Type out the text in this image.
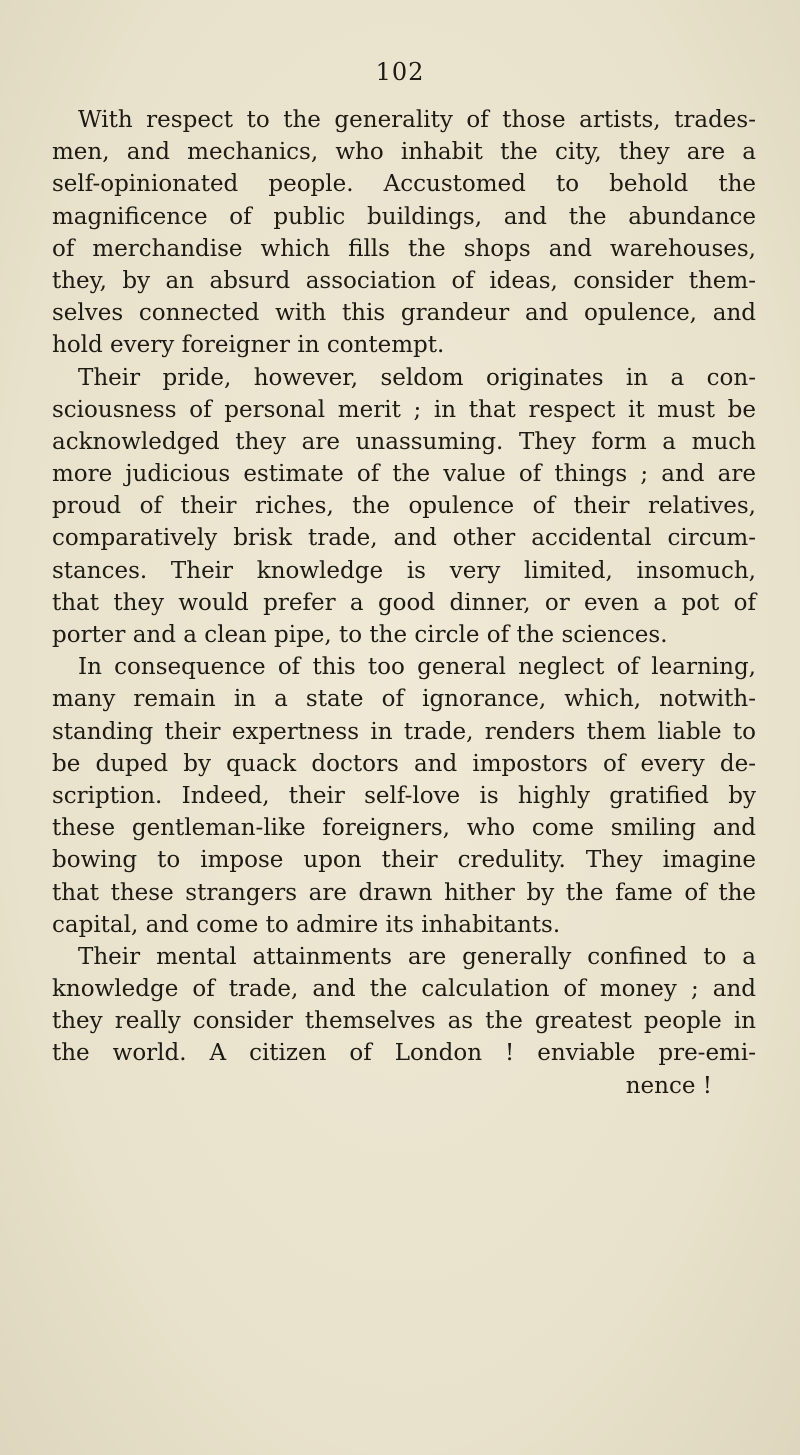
102
With respect to the generality of those artists, trades-
men, and mechanics, who inhabit the city, they are a
self-opinionated people. Accustomed to behold the
magnificence of public buildings, and the abundance
of merchandise which fills the shops and warehouses,
they, by an absurd association of ideas, consider them-
selves connected with this grandeur and opulence, and
hold every foreigner in contempt.
Their pride, however, seldom originates in a con-
sciousness of personal merit ; in that respect it must be
acknowledged they are unassuming. They form a much
more judicious estimate of the value of things ; and are
proud of their riches, the opulence of their relatives,
comparatively brisk trade, and other accidental circum-
stances. Their knowledge is very limited, insomuch,
that they would prefer a good dinner, or even a pot of
porter and a clean pipe, to the circle of the sciences.
In consequence of this too general neglect of learning,
many remain in a state of ignorance, which, notwith-
standing their expertness in trade, renders them liable to
be duped by quack doctors and impostors of every de-
scription. Indeed, their self-love is highly gratified by
these gentleman-like foreigners, who come smiling and
bowing to impose upon their credulity. They imagine
that these strangers are drawn hither by the fame of the
capital, and come to admire its inhabitants.
Their mental attainments are generally confined to a
knowledge of trade, and the calculation of money ; and
they really consider themselves as the greatest people in
the world. A citizen of London ! enviable pre-emi-
nence !
